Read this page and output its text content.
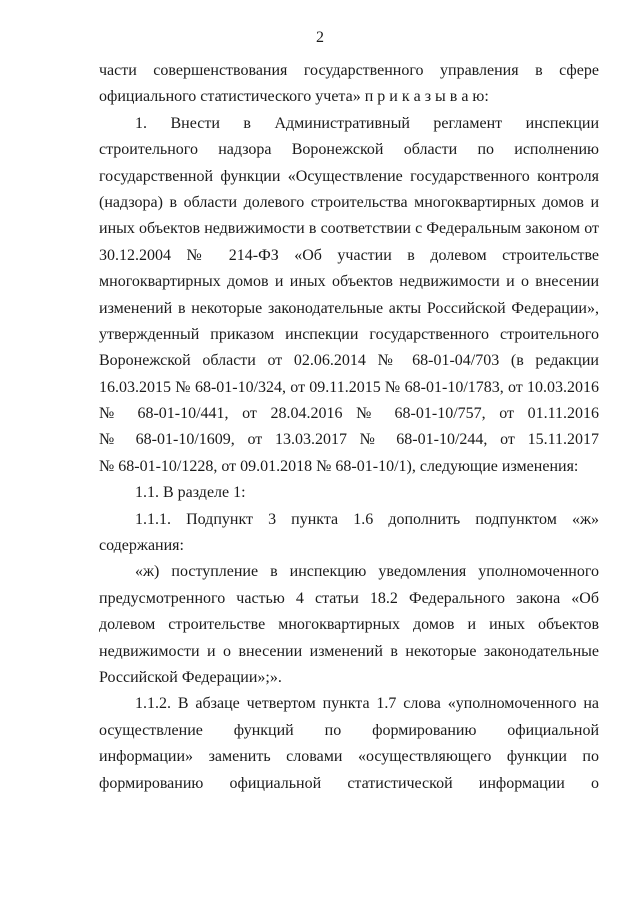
2
части совершенствования государственного управления в сфере
официального статистического учета» п р и к а з ы в а ю:
1. Внести в Административный регламент инспекции
строительного надзора Воронежской области по исполнению
государственной функции «Осуществление государственного контроля
(надзора) в области долевого строительства многоквартирных домов и
иных объектов недвижимости в соответствии с Федеральным законом от
30.12.2004 № 214-ФЗ «Об участии в долевом строительстве
многоквартирных домов и иных объектов недвижимости и о внесении
изменений в некоторые законодательные акты Российской Федерации»,
утвержденный приказом инспекции государственного строительного
Воронежской области от 02.06.2014 № 68-01-04/703 (в редакции
16.03.2015 № 68-01-10/324, от 09.11.2015 № 68-01-10/1783, от 10.03.2016
№ 68-01-10/441, от 28.04.2016 № 68-01-10/757, от 01.11.2016
№ 68-01-10/1609, от 13.03.2017 № 68-01-10/244, от 15.11.2017
№ 68-01-10/1228, от 09.01.2018 № 68-01-10/1), следующие изменения:
1.1. В разделе 1:
1.1.1. Подпункт 3 пункта 1.6 дополнить подпунктом «ж»
содержания:
«ж) поступление в инспекцию уведомления уполномоченного
предусмотренного частью 4 статьи 18.2 Федерального закона «Об
долевом строительстве многоквартирных домов и иных объектов
недвижимости и о внесении изменений в некоторые законодательные
Российской Федерации»;».
1.1.2. В абзаце четвертом пункта 1.7 слова «уполномоченного на
осуществление функций по формированию официальной
информации» заменить словами «осуществляющего функции по
формированию официальной статистической информации о
